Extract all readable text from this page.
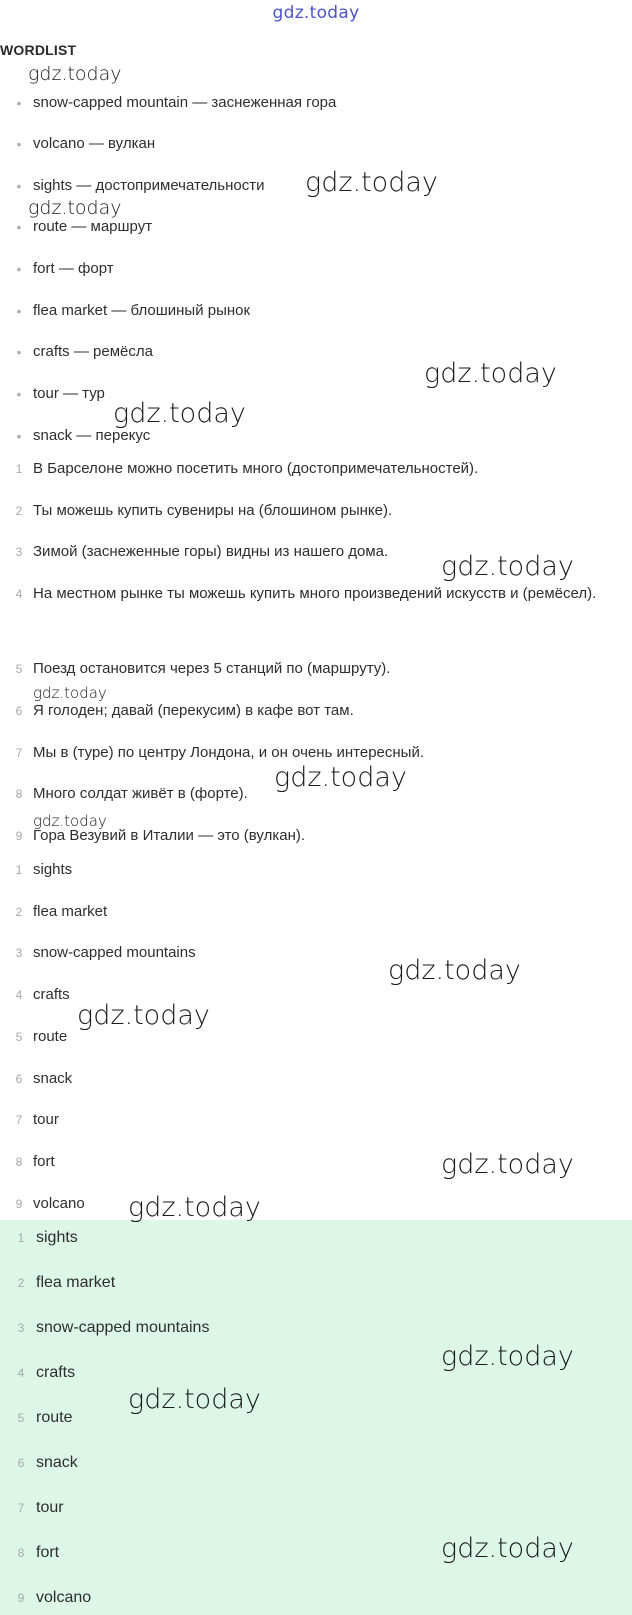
gdz.today
WORDLIST
• snow-capped mountain — заснеженная гора
• volcano — вулкан
• sights — достопримечательности
• route — маршрут
• fort — форт
• flea market — блошиный рынок
• crafts — ремёсла
• tour — тур
• snack — перекус
1 В Барселоне можно посетить много (достопримечательностей).
2 Ты можешь купить сувениры на (блошином рынке).
3 Зимой (заснеженные горы) видны из нашего дома.
4 На местном рынке ты можешь купить много произведений искусств и (ремёсел).
5 Поезд остановится через 5 станций по (маршруту).
6 Я голоден; давай (перекусим) в кафе вот там.
7 Мы в (туре) по центру Лондона, и он очень интересный.
8 Много солдат живёт в (форте).
9 Гора Везувий в Италии — это (вулкан).
1 sights
2 flea market
3 snow-capped mountains
4 crafts
5 route
6 snack
7 tour
8 fort
9 volcano
1 sights
2 flea market
3 snow-capped mountains
4 crafts
5 route
6 snack
7 tour
8 fort
9 volcano
gdz.today
gdz.today
gdz.today
gdz.today
gdz.today
gdz.today
gdz.today
gdz.today
gdz.today
gdz.today
gdz.today
gdz.today
gdz.today
gdz.today
gdz.today
gdz.today
